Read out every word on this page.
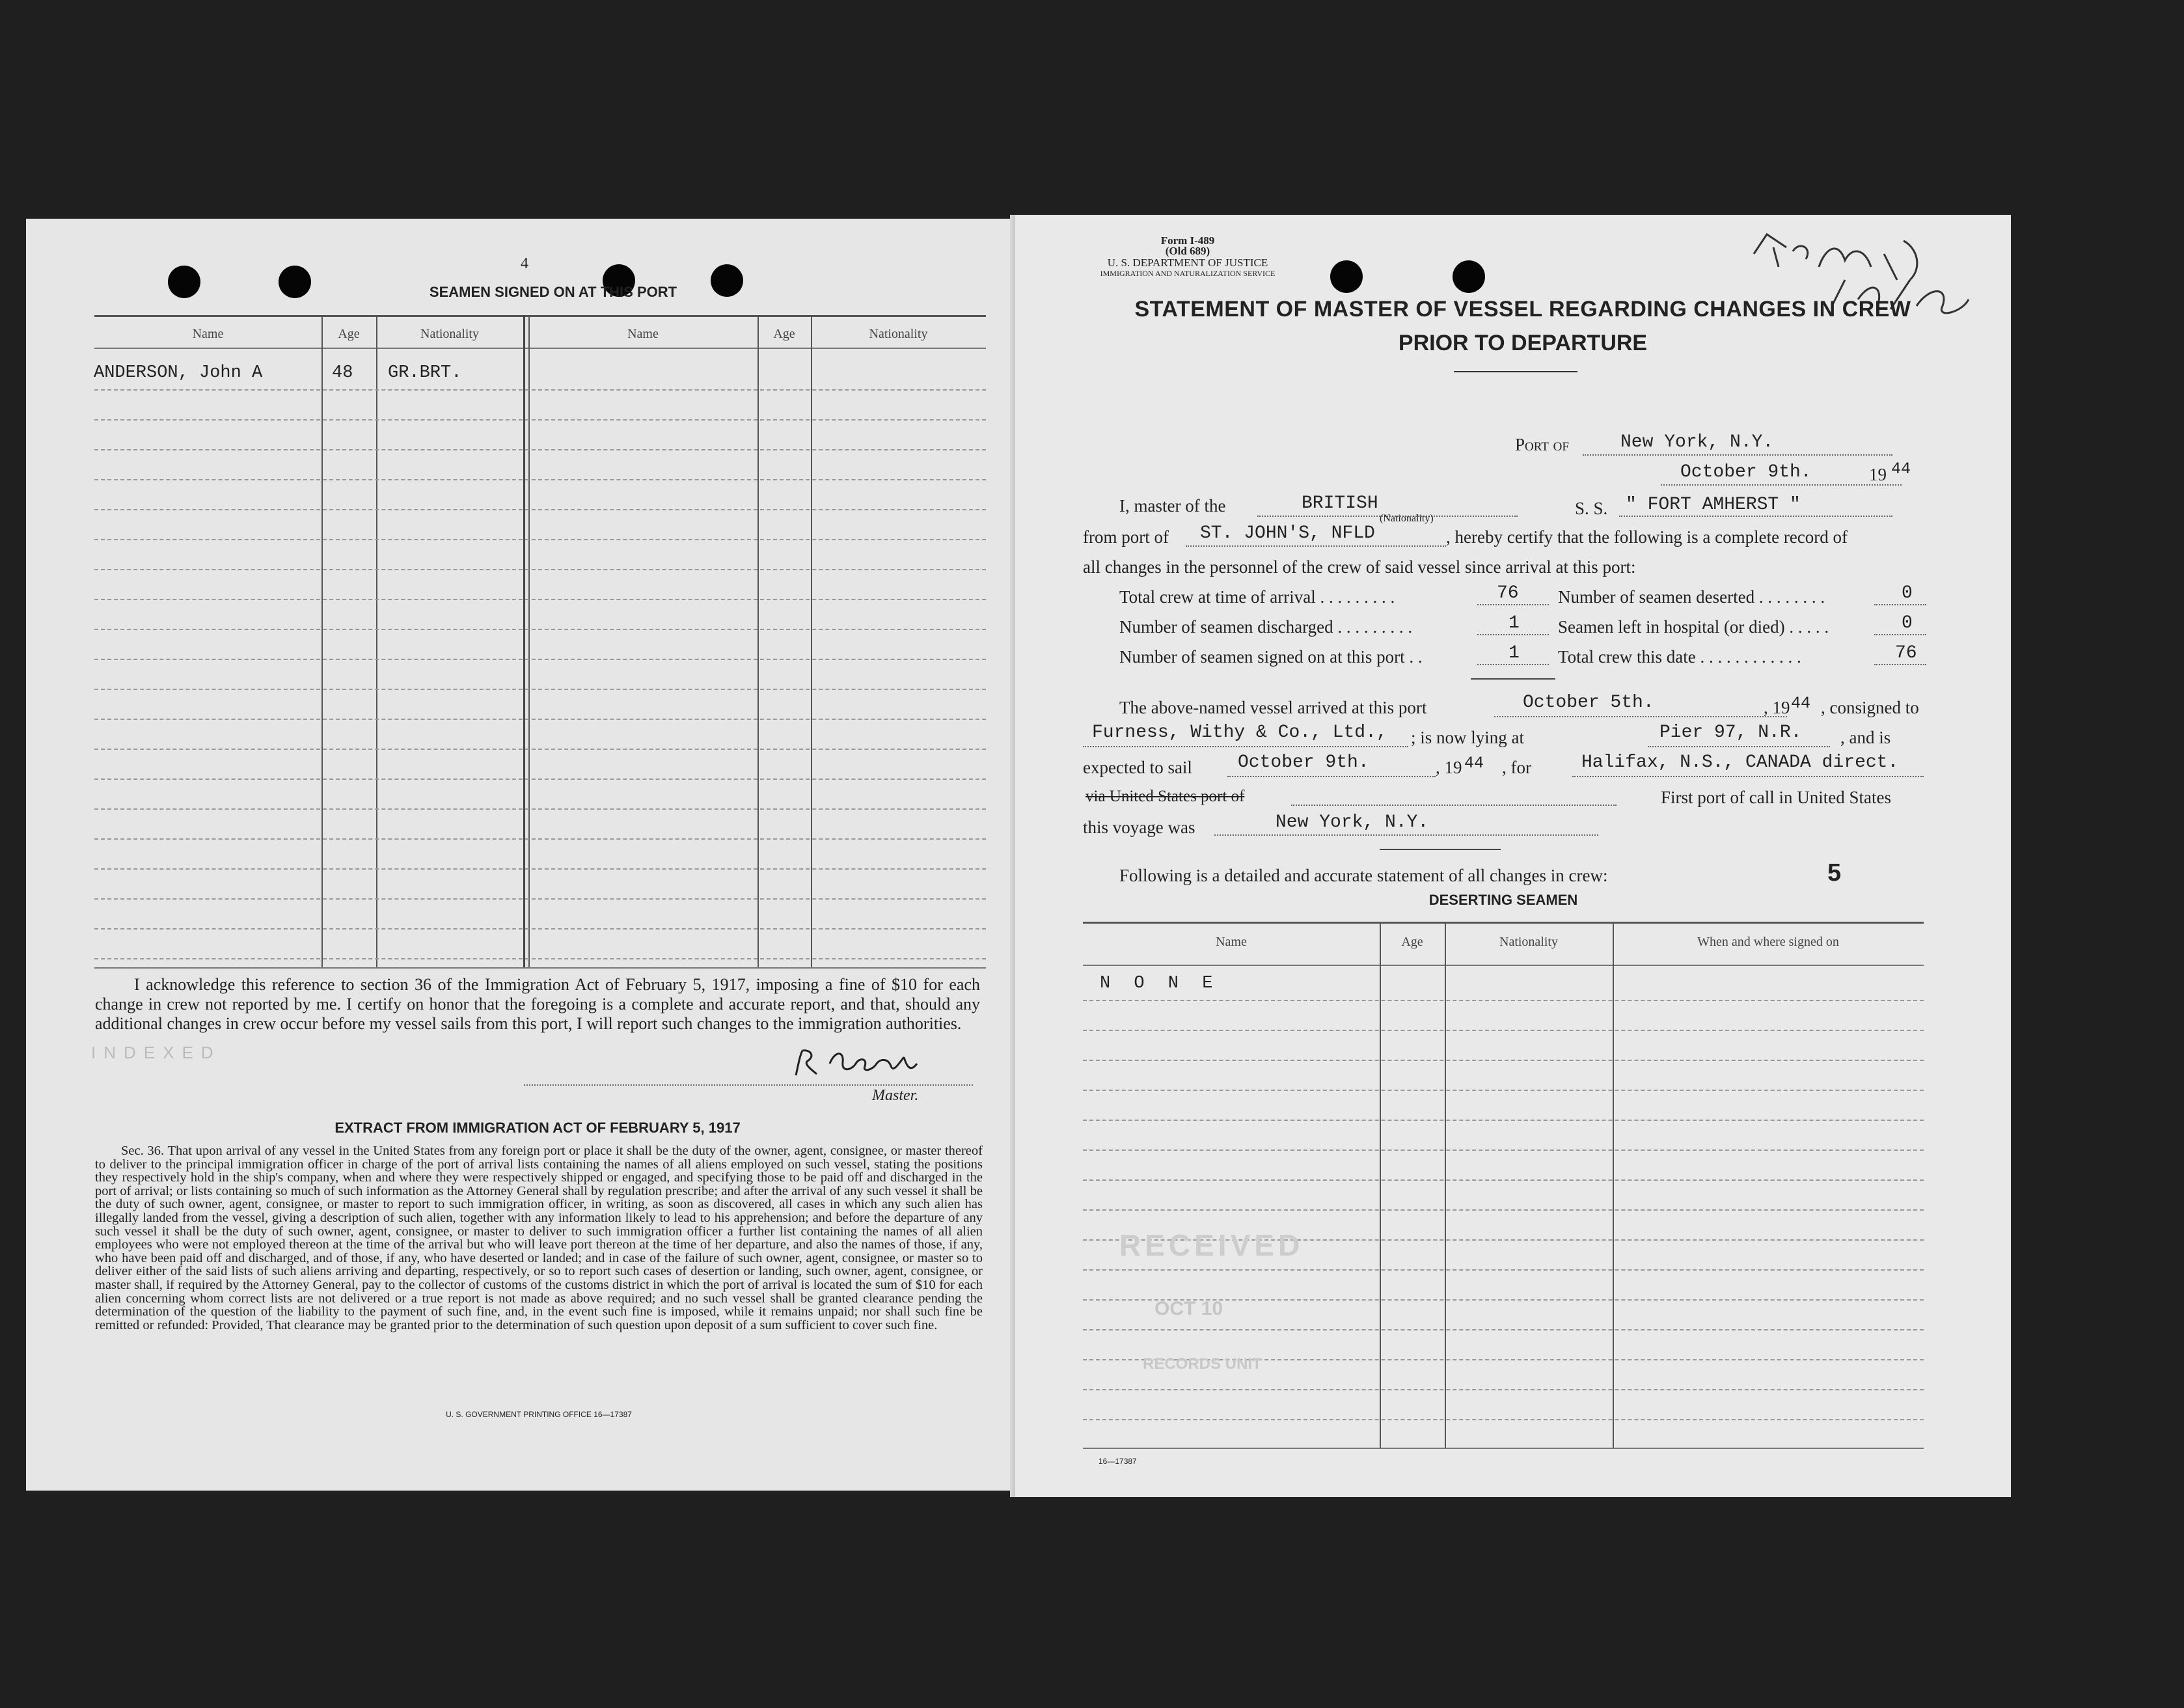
4
SEAMEN SIGNED ON AT THIS PORT
Name	Age	Nationality	Name	Age	Nationality
ANDERSON, John A	48 GR.BRT.
I acknowledge this reference to section 36 of the Immigration Act of February 5, 1917, imposing a fine of $10 for each change in crew not reported by me. I certify on honor that the foregoing is a complete and accurate report, and that, should any additional changes in crew occur before my vessel sails from this port, I will report such changes to the immigration authorities.
INDEXED
Master.
EXTRACT FROM IMMIGRATION ACT OF FEBRUARY 5, 1917
Sec. 36. That upon arrival of any vessel in the United States from any foreign port or place it shall be the duty of the owner, agent, consignee, or master thereof to deliver to the principal immigration officer in charge of the port of arrival lists containing the names of all aliens employed on such vessel, stating the positions they respectively hold in the ship's company, when and where they were respectively shipped or engaged, and specifying those to be paid off and discharged in the port of arrival; or lists containing so much of such information as the Attorney General shall by regulation prescribe; and after the arrival of any such vessel it shall be the duty of such owner, agent, consignee, or master to report to such immigration officer, in writing, as soon as discovered, all cases in which any such alien has illegally landed from the vessel, giving a description of such alien, together with any information likely to lead to his apprehension; and before the departure of any such vessel it shall be the duty of such owner, agent, consignee, or master to deliver to such immigration officer a further list containing the names of all alien employees who were not employed thereon at the time of the arrival but who will leave port thereon at the time of her departure, and also the names of those, if any, who have been paid off and discharged, and of those, if any, who have deserted or landed; and in case of the failure of such owner, agent, consignee, or master so to deliver either of the said lists of such aliens arriving and departing, respectively, or so to report such cases of desertion or landing, such owner, agent, consignee, or master shall, if required by the Attorney General, pay to the collector of customs of the customs district in which the port of arrival is located the sum of $10 for each alien concerning whom correct lists are not delivered or a true report is not made as above required; and no such vessel shall be granted clearance pending the determination of the question of the liability to the payment of such fine, and, in the event such fine is imposed, while it remains unpaid; nor shall such fine be remitted or refunded: Provided, That clearance may be granted prior to the determination of such question upon deposit of a sum sufficient to cover such fine.
U. S. GOVERNMENT PRINTING OFFICE 16—17387
Form I-489
(Old 689)
U. S. DEPARTMENT OF JUSTICE
IMMIGRATION AND NATURALIZATION SERVICE
STATEMENT OF MASTER OF VESSEL REGARDING CHANGES IN CREW
PRIOR TO DEPARTURE
Port of	New York, N.Y.
October 9th.	19 44
I, master of the	BRITISH
(Nationality)
S. S. " FORT AMHERST "
from port of ST. JOHN'S, NFLD	, hereby certify that the following is a complete record of
all changes in the personnel of the crew of said vessel since arrival at this port:
Total crew at time of arrival . . . . . . . . .	76
Number of seamen discharged . . . . . . . . .	1
Number of seamen signed on at this port . .	1
Number of seamen deserted . . . . . . . .	0
Seamen left in hospital (or died) . . . . .	0
Total crew this date . . . . . . . . . . . .	76
The above-named vessel arrived at this port	October 5th.	, 19 44 , consigned to
Furness, Withy & Co., Ltd., ; is now lying at	Pier 97, N.R. , and is
expected to sail	October 9th.	, 19 44 , for	Halifax, N.S., CANADA direct.
via United States port of	First port of call in United States
this voyage was	New York, N.Y.
Following is a detailed and accurate statement of all changes in crew:	5
DESERTING SEAMEN
Name	Age	Nationality	When and where signed on
N O N E
RECEIVED
OCT 10
RECORDS UNIT
16—17387
